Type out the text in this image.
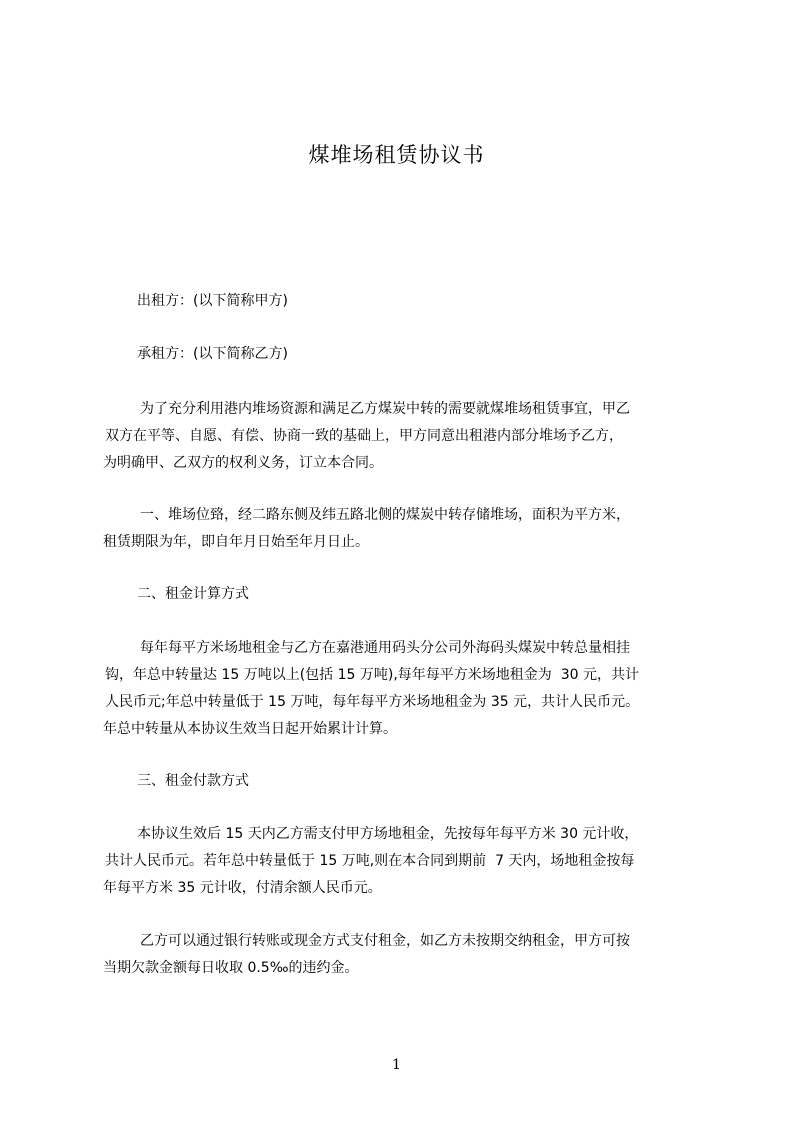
煤堆场租赁协议书
出租方：(以下简称甲方)
承租方：(以下简称乙方)
为了充分利用港内堆场资源和满足乙方煤炭中转的需要就煤堆场租赁事宜，甲乙
双方在平等、自愿、有偿、协商一致的基础上，甲方同意出租港内部分堆场予乙方，
为明确甲、乙双方的权利义务，订立本合同。
一、堆场位臵，经二路东侧及纬五路北侧的煤炭中转存储堆场，面积为平方米，
租赁期限为年，即自年月日始至年月日止。
二、租金计算方式
每年每平方米场地租金与乙方在嘉港通用码头分公司外海码头煤炭中转总量相挂
钩，年总中转量达 15 万吨以上(包括 15 万吨),每年每平方米场地租金为  30 元，共计
人民币元;年总中转量低于 15 万吨，每年每平方米场地租金为 35 元，共计人民币元。
年总中转量从本协议生效当日起开始累计计算。
三、租金付款方式
本协议生效后 15 天内乙方需支付甲方场地租金，先按每年每平方米 30 元计收，
共计人民币元。若年总中转量低于 15 万吨,则在本合同到期前  7 天内，场地租金按每
年每平方米 35 元计收，付清余额人民币元。
乙方可以通过银行转账或现金方式支付租金，如乙方未按期交纳租金，甲方可按
当期欠款金额每日收取 0.5‰的违约金。
1
